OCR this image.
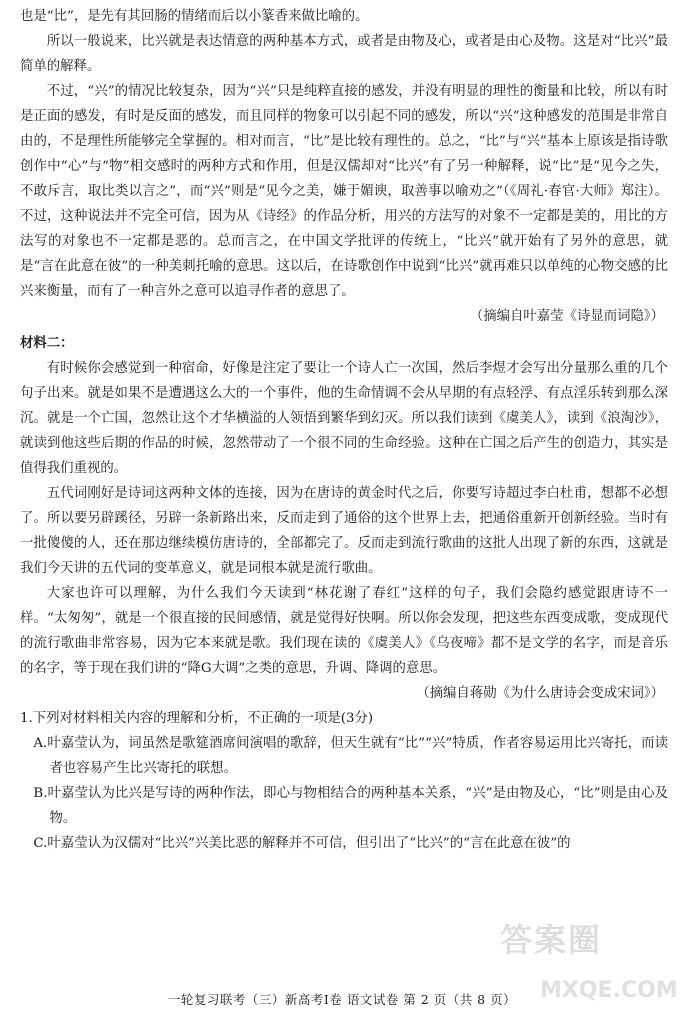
也是“比”，是先有其回肠的情绪而后以小篆香来做比喻的。

所以一般说来，比兴就是表达情意的两种基本方式，或者是由物及心，或者是由心及物。这是对“比兴”最简单的解释。

不过，“兴”的情况比较复杂，因为“兴”只是纯粹直接的感发，并没有明显的理性的衡量和比较，所以有时是正面的感发，有时是反面的感发，而且同样的物象可以引起不同的感发，所以“兴”这种感发的范围是非常自由的，不是理性所能够完全掌握的。相对而言，“比”是比较有理性的。总之，“比”与“兴”基本上原该是指诗歌创作中“心”与“物”相交感时的两种方式和作用，但是汉儒却对“比兴”有了另一种解释，说“比”是“见今之失，不敢斥言，取比类以言之”，而“兴”则是“见今之美，嫌于媚谀，取善事以喻劝之”（《周礼·春官·大师》郑注）。不过，这种说法并不完全可信，因为从《诗经》的作品分析，用兴的方法写的对象不一定都是美的，用比的方法写的对象也不一定都是恶的。总而言之，在中国文学批评的传统上，“比兴”就开始有了另外的意思，就是“言在此意在彼”的一种美刺托喻的意思。这以后，在诗歌创作中说到“比兴”就再难只以单纯的心物交感的比兴来衡量，而有了一种言外之意可以追寻作者的意思了。

（摘编自叶嘉莹《诗显而词隐》）

材料二：

有时候你会感觉到一种宿命，好像是注定了要让一个诗人亡一次国，然后李煜才会写出分量那么重的几个句子出来。就是如果不是遭遇这么大的一个事件，他的生命情调不会从早期的有点轻浮、有点淫乐转到那么深沉。就是一个亡国，忽然让这个才华横溢的人领悟到繁华到幻灭。所以我们读到《虞美人》，读到《浪淘沙》，就读到他这些后期的作品的时候，忽然带动了一个很不同的生命经验。这种在亡国之后产生的创造力，其实是值得我们重视的。

五代词刚好是诗词这两种文体的连接，因为在唐诗的黄金时代之后，你要写诗超过李白杜甫，想都不必想了。所以要另辟蹊径，另辟一条新路出来，反而走到了通俗的这个世界上去，把通俗重新开创新经验。当时有一批傻傻的人，还在那边继续模仿唐诗的，全部都完了。反而走到流行歌曲的这批人出现了新的东西，这就是我们今天讲的五代词的变革意义，就是词根本就是流行歌曲。

大家也许可以理解，为什么我们今天读到“林花谢了春红”这样的句子，我们会隐约感觉跟唐诗不一样。“太匆匆”，就是一个很直接的民间感情，就是觉得好快啊。所以你会发现，把这些东西变成歌，变成现代的流行歌曲非常容易，因为它本来就是歌。我们现在读的《虞美人》《乌夜啼》都不是文学的名字，而是音乐的名字，等于现在我们讲的“降G大调”之类的意思，升调、降调的意思。

（摘编自蒋勋《为什么唐诗会变成宋词》）

1.下列对材料相关内容的理解和分析，不正确的一项是(3分)

A.叶嘉莹认为，词虽然是歌筵酒席间演唱的歌辞，但天生就有“比”“兴”特质，作者容易运用比兴寄托，而读者也容易产生比兴寄托的联想。

B.叶嘉莹认为比兴是写诗的两种作法，即心与物相结合的两种基本关系，“兴”是由物及心，“比”则是由心及物。

C.叶嘉莹认为汉儒对“比兴”兴美比恶的解释并不可信，但引出了“比兴”的“言在此意在彼”的

一轮复习联考（三）新高考Ⅰ卷 语文试卷 第 2 页（共 8 页）
答案圈
MXQE.COM
